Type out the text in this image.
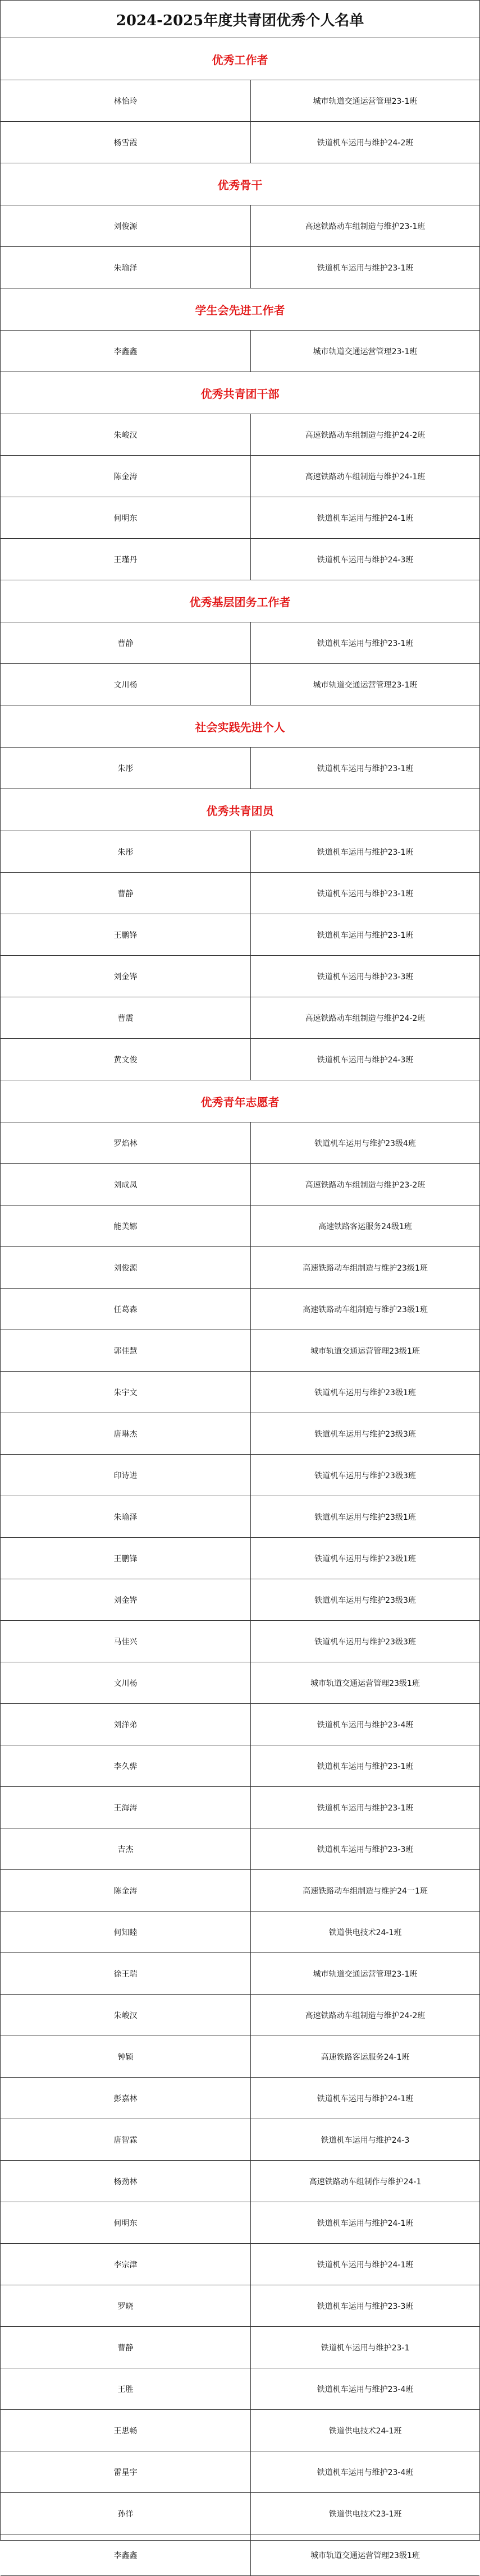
2024-2025年度共青团优秀个人名单
优秀工作者
林怡玲	城市轨道交通运营管理23-1班
杨雪霞	铁道机车运用与维护24-2班
优秀骨干
刘俊源	高速铁路动车组制造与维护23-1班
朱瑜泽	铁道机车运用与维护23-1班
学生会先进工作者
李鑫鑫	城市轨道交通运营管理23-1班
优秀共青团干部
朱峻汉	高速铁路动车组制造与维护24-2班
陈金涛	高速铁路动车组制造与维护24-1班
何明东	铁道机车运用与维护24-1班
王瑾丹	铁道机车运用与维护24-3班
优秀基层团务工作者
曹静	铁道机车运用与维护23-1班
文川杨	城市轨道交通运营管理23-1班
社会实践先进个人
朱彤	铁道机车运用与维护23-1班
优秀共青团员
朱彤	铁道机车运用与维护23-1班
曹静	铁道机车运用与维护23-1班
王鹏锋	铁道机车运用与维护23-1班
刘金铧	铁道机车运用与维护23-3班
曹震	高速铁路动车组制造与维护24-2班
黄文俊	铁道机车运用与维护24-3班
优秀青年志愿者
罗焰林	铁道机车运用与维护23级4班
刘成凤	高速铁路动车组制造与维护23-2班
能美娜	高速铁路客运服务24级1班
刘俊源	高速铁路动车组制造与维护23级1班
任葛森	高速铁路动车组制造与维护23级1班
郭佳慧	城市轨道交通运营管理23级1班
朱宇文	铁道机车运用与维护23级1班
唐琳杰	铁道机车运用与维护23级3班
印诗进	铁道机车运用与维护23级3班
朱瑜泽	铁道机车运用与维护23级1班
王鹏锋	铁道机车运用与维护23级1班
刘金铧	铁道机车运用与维护23级3班
马佳兴	铁道机车运用与维护23级3班
文川杨	城市轨道交通运营管理23级1班
刘洋弟	铁道机车运用与维护23-4班
李久骅	铁道机车运用与维护23-1班
王海涛	铁道机车运用与维护23-1班
吉杰	铁道机车运用与维护23-3班
陈金涛	高速铁路动车组制造与维护24一1班
何知睦	铁道供电技术24-1班
徐王瑞	城市轨道交通运营管理23-1班
朱峻汉	高速铁路动车组制造与维护24-2班
钟颖	高速铁路客运服务24-1班
彭嘉林	铁道机车运用与维护24-1班
唐智霖	铁道机车运用与维护24-3
杨劲林	高速铁路动车组制作与维护24-1
何明东	铁道机车运用与维护24-1班
李宗津	铁道机车运用与维护24-1班
罗晓	铁道机车运用与维护23-3班
曹静	铁道机车运用与维护23-1
王胜	铁道机车运用与维护23-4班
王思畅	铁道供电技术24-1班
雷星宇	铁道机车运用与维护23-4班
孙徉	铁道供电技术23-1班
李鑫鑫	城市轨道交通运营管理23级1班
